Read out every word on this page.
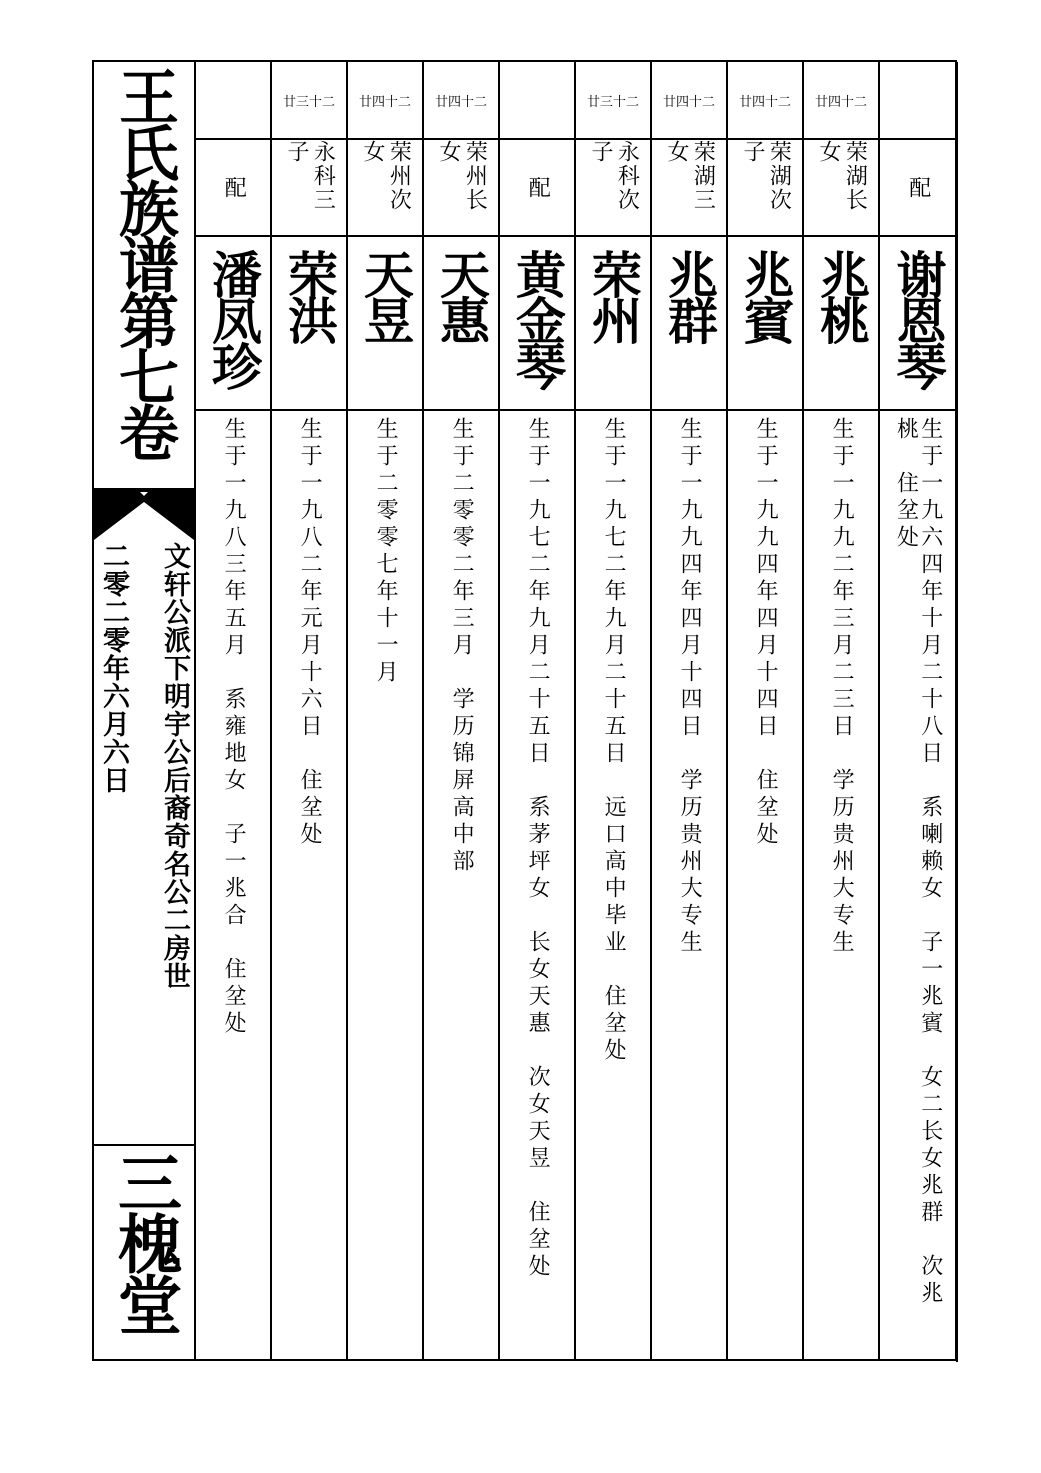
王氏族谱第七卷
文轩公派下明宇公后裔奇名公二房世
二零二零年六月六日
三槐堂
配
潘凤珍
生于一九八三年五月　系雍地女　子一兆合　住坌处
廿三十二
永科三子
荣洪
生于一九八二年元月十六日　住坌处
廿四十二
荣州次女
天昱
生于二零零七年十一月
廿四十二
荣州长女
天惠
生于二零零二年三月　学历锦屏高中部
配
黄金琴
生于一九七二年九月二十五日　系茅坪女　长女天惠　次女天昱　住坌处
廿三十二
永科次子
荣州
生于一九七二年九月二十五日　远口高中毕业　住坌处
廿四十二
荣湖三女
兆群
生于一九九四年四月十四日　学历贵州大专生
廿四十二
荣湖次子
兆賓
生于一九九四年四月十四日　住坌处
廿四十二
荣湖长女
兆桃
生于一九九二年三月二三日　学历贵州大专生
配
谢恩琴
生于一九六四年十月二十八日　系喇赖女　子一兆賓　女二长女兆群　次兆
桃　住坌处
